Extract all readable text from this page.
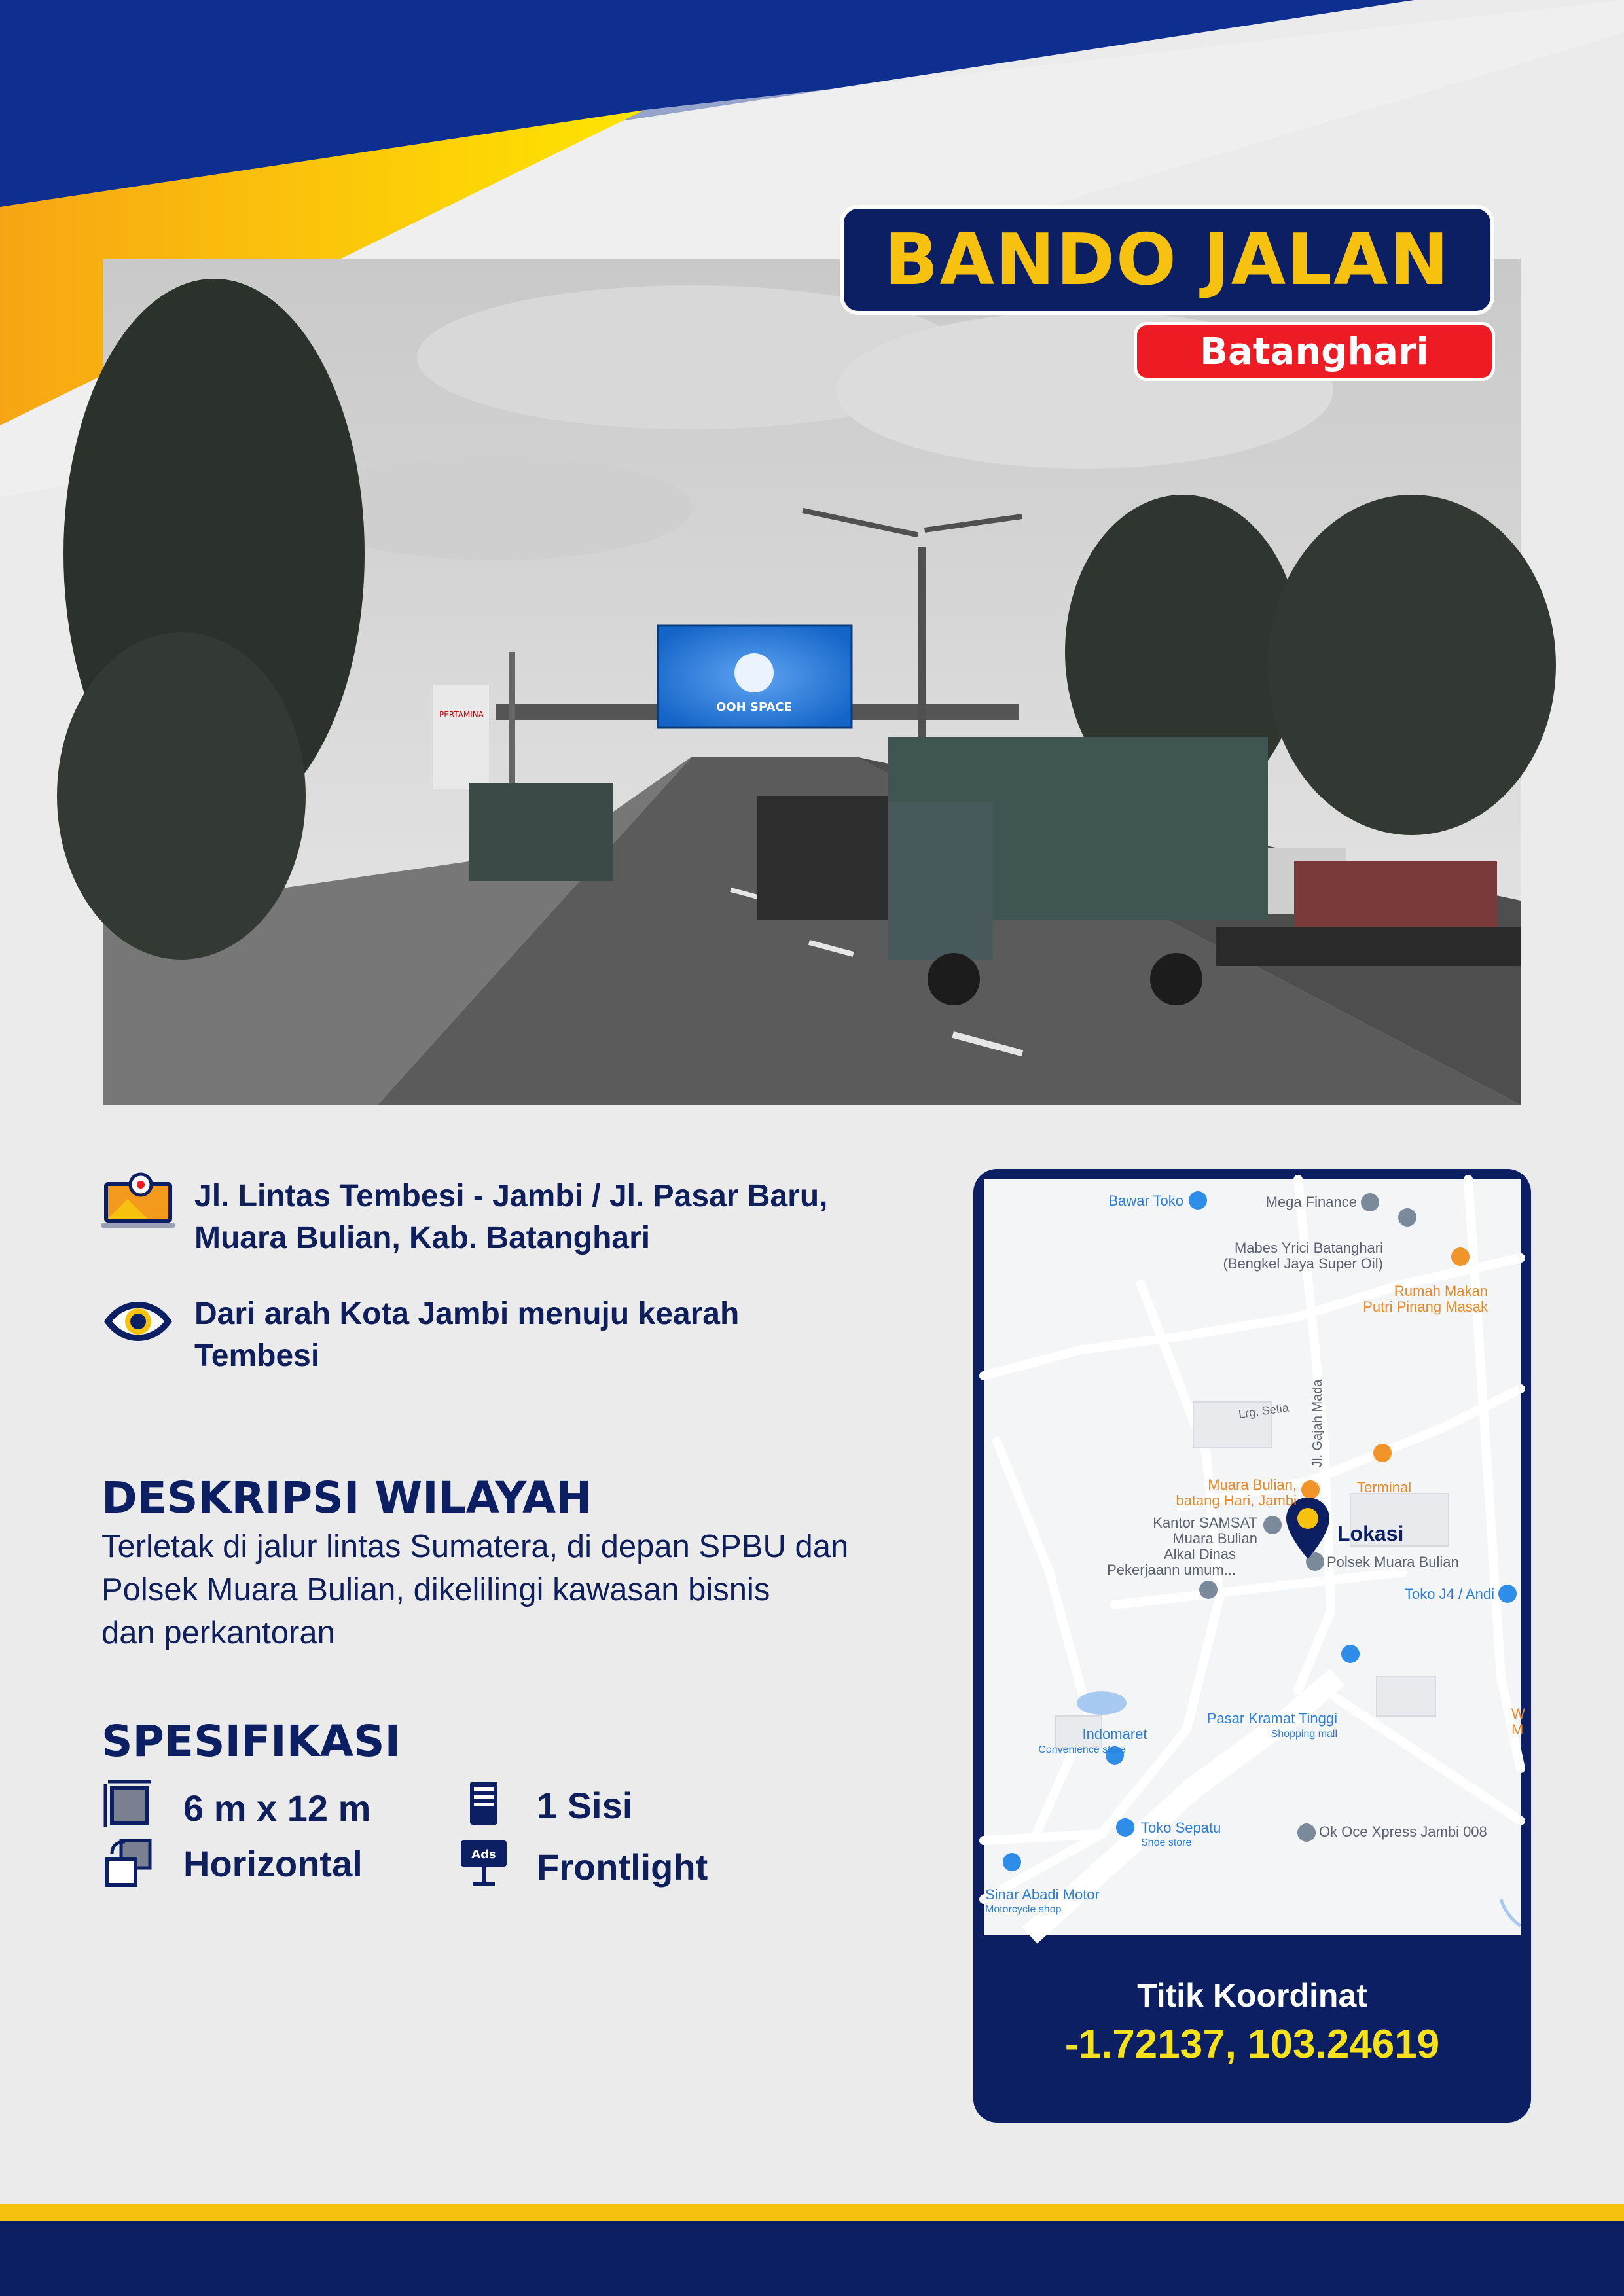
OOH SPACE
PERTAMINA
BANDO JALAN
Batanghari
Jl. Lintas Tembesi - Jambi / Jl. Pasar Baru,
Muara Bulian, Kab. Batanghari
Dari arah Kota Jambi menuju kearah
Tembesi
DESKRIPSI WILAYAH
Terletak di jalur lintas Sumatera, di depan SPBU dan
Polsek Muara Bulian, dikelilingi kawasan bisnis
dan perkantoran
SPESIFIKASI
6 m x 12 m
Horizontal
1 Sisi
Ads Frontlight
Bawar Toko	Mega Finance
Mabes Yrici Batanghari
(Bengkel Jaya Super Oil)
Rumah Makan
Putri Pinang Masak
Jl. Gajah Mada
Lrg. Setia
Terminal
Muara Bulian,
batang Hari, Jambi
Kantor SAMSAT
Muara Bulian	Lokasi
Alkal Dinas
Pekerjaann umum...	Polsek Muara Bulian
Toko J4 / Andi
Pasar Kramat Tinggi
Shopping mall
Indomaret
Convenience store
Toko Sepatu
Shoe store
Ok Oce Xpress Jambi 008
Sinar Abadi Motor
Motorcycle shop
W
M
Titik Koordinat
-1.72137, 103.24619
